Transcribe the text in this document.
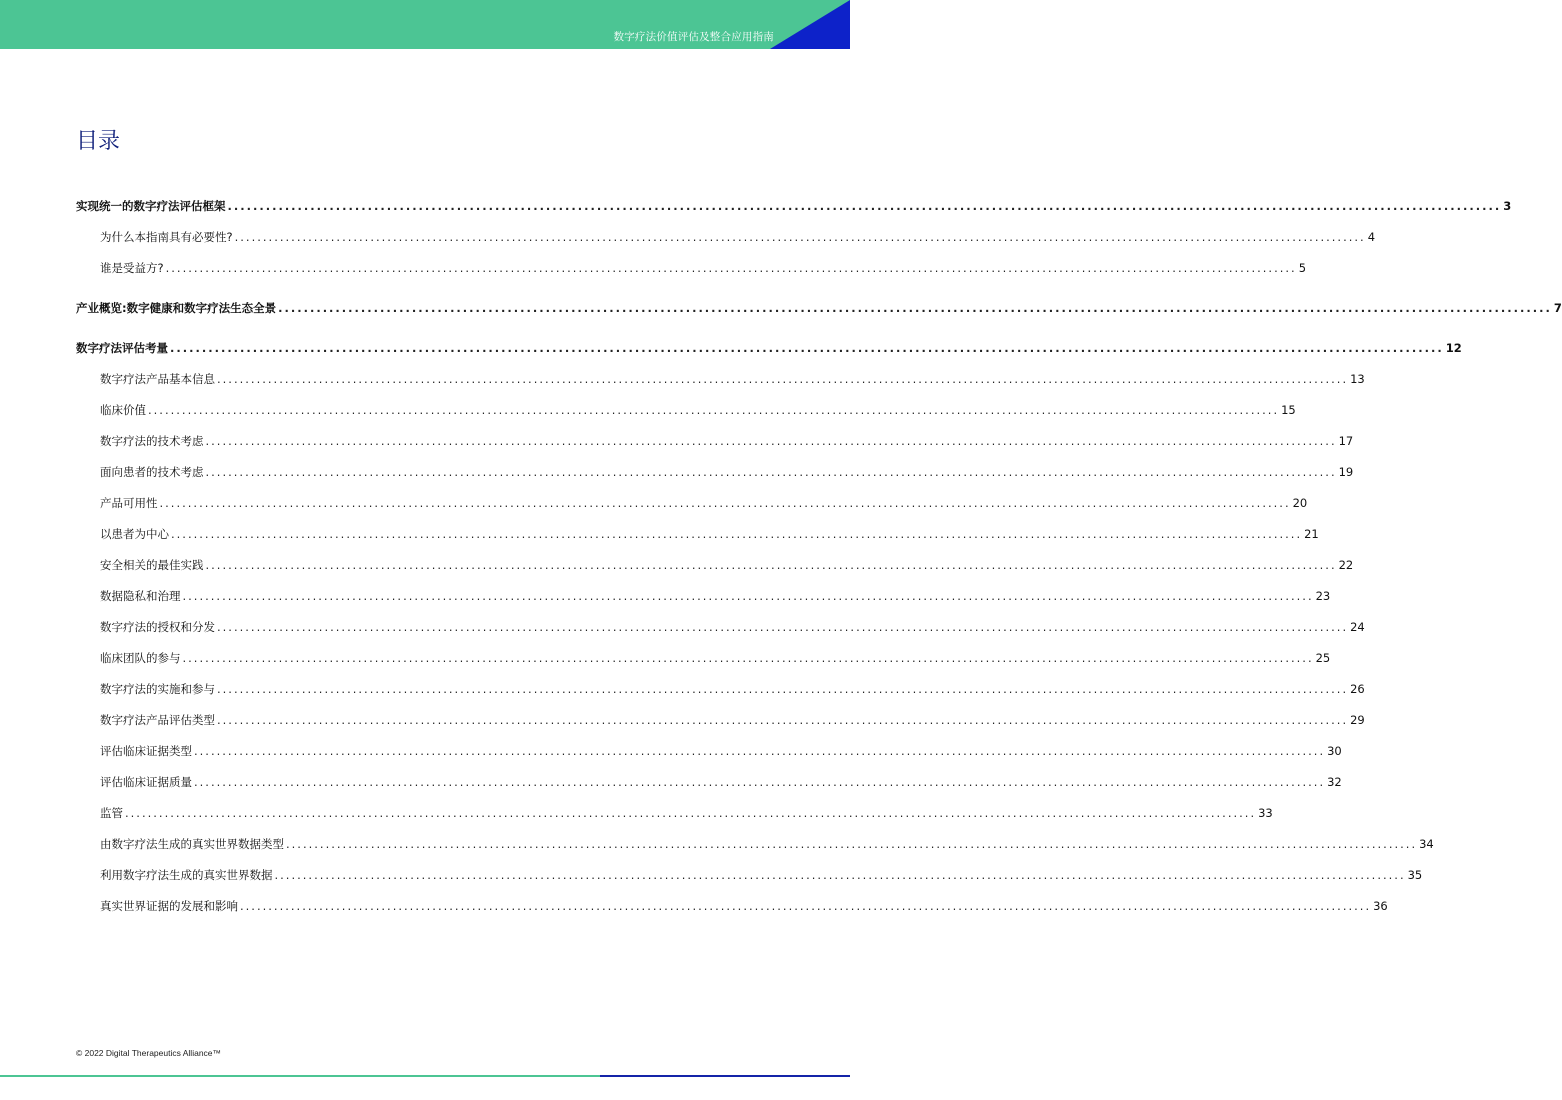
数字疗法价值评估及整合应用指南
目录
实现统一的数字疗法评估框架 ........................................................................................................................................................................................................ 3
为什么本指南具有必要性? ........................................................................................................................................................................................................ 4
谁是受益方? ........................................................................................................................................................................................................ 5
产业概览:数字健康和数字疗法生态全景 ........................................................................................................................................................................................................ 7
数字疗法评估考量 ........................................................................................................................................................................................................ 12
数字疗法产品基本信息 ........................................................................................................................................................................................................ 13
临床价值 ........................................................................................................................................................................................................ 15
数字疗法的技术考虑 ........................................................................................................................................................................................................ 17
面向患者的技术考虑 ........................................................................................................................................................................................................ 19
产品可用性 ........................................................................................................................................................................................................ 20
以患者为中心 ........................................................................................................................................................................................................ 21
安全相关的最佳实践 ........................................................................................................................................................................................................ 22
数据隐私和治理 ........................................................................................................................................................................................................ 23
数字疗法的授权和分发 ........................................................................................................................................................................................................ 24
临床团队的参与 ........................................................................................................................................................................................................ 25
数字疗法的实施和参与 ........................................................................................................................................................................................................ 26
数字疗法产品评估类型 ........................................................................................................................................................................................................ 29
评估临床证据类型 ........................................................................................................................................................................................................ 30
评估临床证据质量 ........................................................................................................................................................................................................ 32
监管 ........................................................................................................................................................................................................ 33
由数字疗法生成的真实世界数据类型 ........................................................................................................................................................................................................ 34
利用数字疗法生成的真实世界数据 ........................................................................................................................................................................................................ 35
真实世界证据的发展和影响 ........................................................................................................................................................................................................ 36
© 2022 Digital Therapeutics Alliance™
